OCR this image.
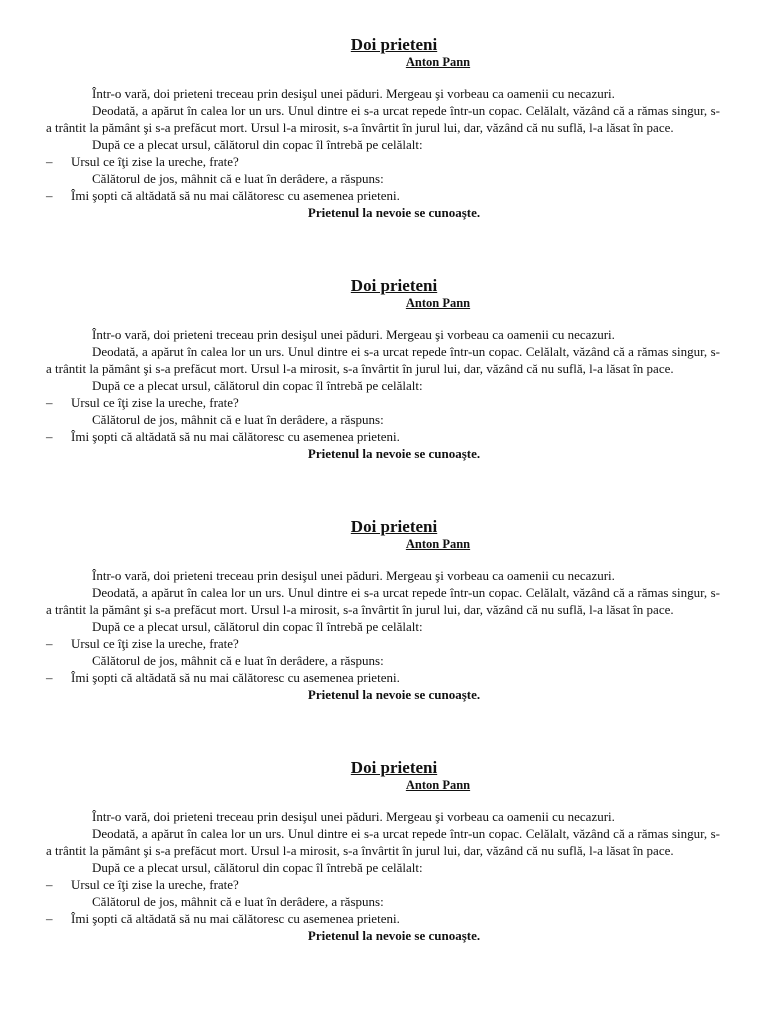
Doi prieteni

Anton Pann

Într-o vară, doi prieteni treceau prin desişul unei păduri. Mergeau şi vorbeau ca oamenii cu necazuri.

Deodată, a apărut în calea lor un urs. Unul dintre ei s-a urcat repede într-un copac. Celălalt, văzând că a rămas singur, s-a trântit la pământ şi s-a prefăcut mort. Ursul l-a mirosit, s-a învârtit în jurul lui, dar, văzând că nu suflă, l-a lăsat în pace.

După ce a plecat ursul, călătorul din copac îl întrebă pe celălalt:

–	Ursul ce îţi zise la ureche, frate?

Călătorul de jos, mâhnit că e luat în derâdere, a răspuns:

–	Îmi şopti că altădată să nu mai călătoresc cu asemenea prieteni.

Prietenul la nevoie se cunoaşte.

Doi prieteni

Anton Pann

Într-o vară, doi prieteni treceau prin desişul unei păduri. Mergeau şi vorbeau ca oamenii cu necazuri.

Deodată, a apărut în calea lor un urs. Unul dintre ei s-a urcat repede într-un copac. Celălalt, văzând că a rămas singur, s-a trântit la pământ şi s-a prefăcut mort. Ursul l-a mirosit, s-a învârtit în jurul lui, dar, văzând că nu suflă, l-a lăsat în pace.

După ce a plecat ursul, călătorul din copac îl întrebă pe celălalt:

–	Ursul ce îţi zise la ureche, frate?

Călătorul de jos, mâhnit că e luat în derâdere, a răspuns:

–	Îmi şopti că altădată să nu mai călătoresc cu asemenea prieteni.

Prietenul la nevoie se cunoaşte.

Doi prieteni

Anton Pann

Într-o vară, doi prieteni treceau prin desişul unei păduri. Mergeau şi vorbeau ca oamenii cu necazuri.

Deodată, a apărut în calea lor un urs. Unul dintre ei s-a urcat repede într-un copac. Celălalt, văzând că a rămas singur, s-a trântit la pământ şi s-a prefăcut mort. Ursul l-a mirosit, s-a învârtit în jurul lui, dar, văzând că nu suflă, l-a lăsat în pace.

După ce a plecat ursul, călătorul din copac îl întrebă pe celălalt:

–	Ursul ce îţi zise la ureche, frate?

Călătorul de jos, mâhnit că e luat în derâdere, a răspuns:

–	Îmi şopti că altădată să nu mai călătoresc cu asemenea prieteni.

Prietenul la nevoie se cunoaşte.

Doi prieteni

Anton Pann

Într-o vară, doi prieteni treceau prin desişul unei păduri. Mergeau şi vorbeau ca oamenii cu necazuri.

Deodată, a apărut în calea lor un urs. Unul dintre ei s-a urcat repede într-un copac. Celălalt, văzând că a rămas singur, s-a trântit la pământ şi s-a prefăcut mort. Ursul l-a mirosit, s-a învârtit în jurul lui, dar, văzând că nu suflă, l-a lăsat în pace.

După ce a plecat ursul, călătorul din copac îl întrebă pe celălalt:

–	Ursul ce îţi zise la ureche, frate?

Călătorul de jos, mâhnit că e luat în derâdere, a răspuns:

–	Îmi şopti că altădată să nu mai călătoresc cu asemenea prieteni.

Prietenul la nevoie se cunoaşte.
